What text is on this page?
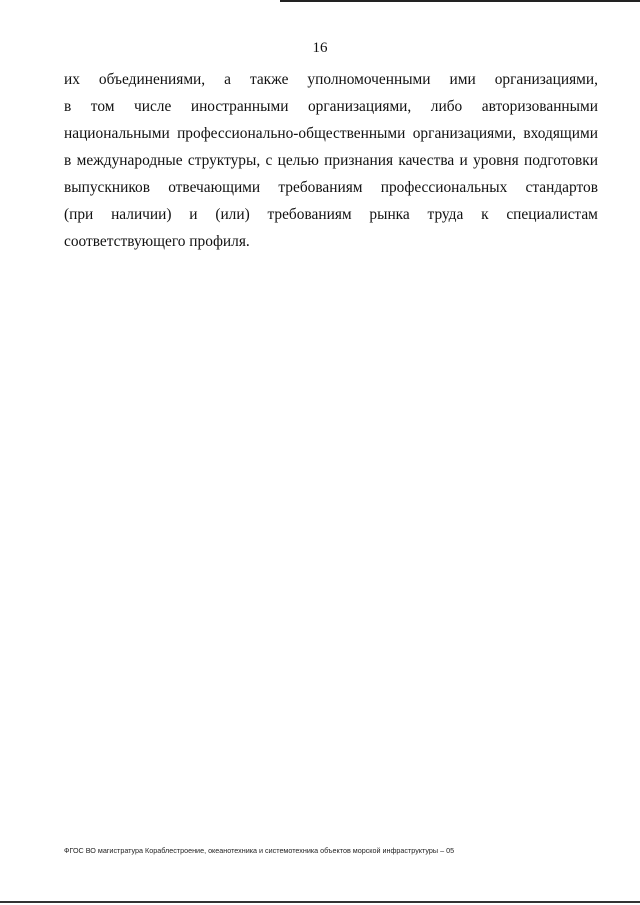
16
их объединениями, а также уполномоченными ими организациями,
в том числе иностранными организациями, либо авторизованными
национальными профессионально-общественными организациями, входящими
в международные структуры, с целью признания качества и уровня подготовки
выпускников отвечающими требованиям профессиональных стандартов
(при наличии) и (или) требованиям рынка труда к специалистам
соответствующего профиля.
ФГОС ВО магистратура Кораблестроение, океанотехника и системотехника объектов морской инфраструктуры – 05
